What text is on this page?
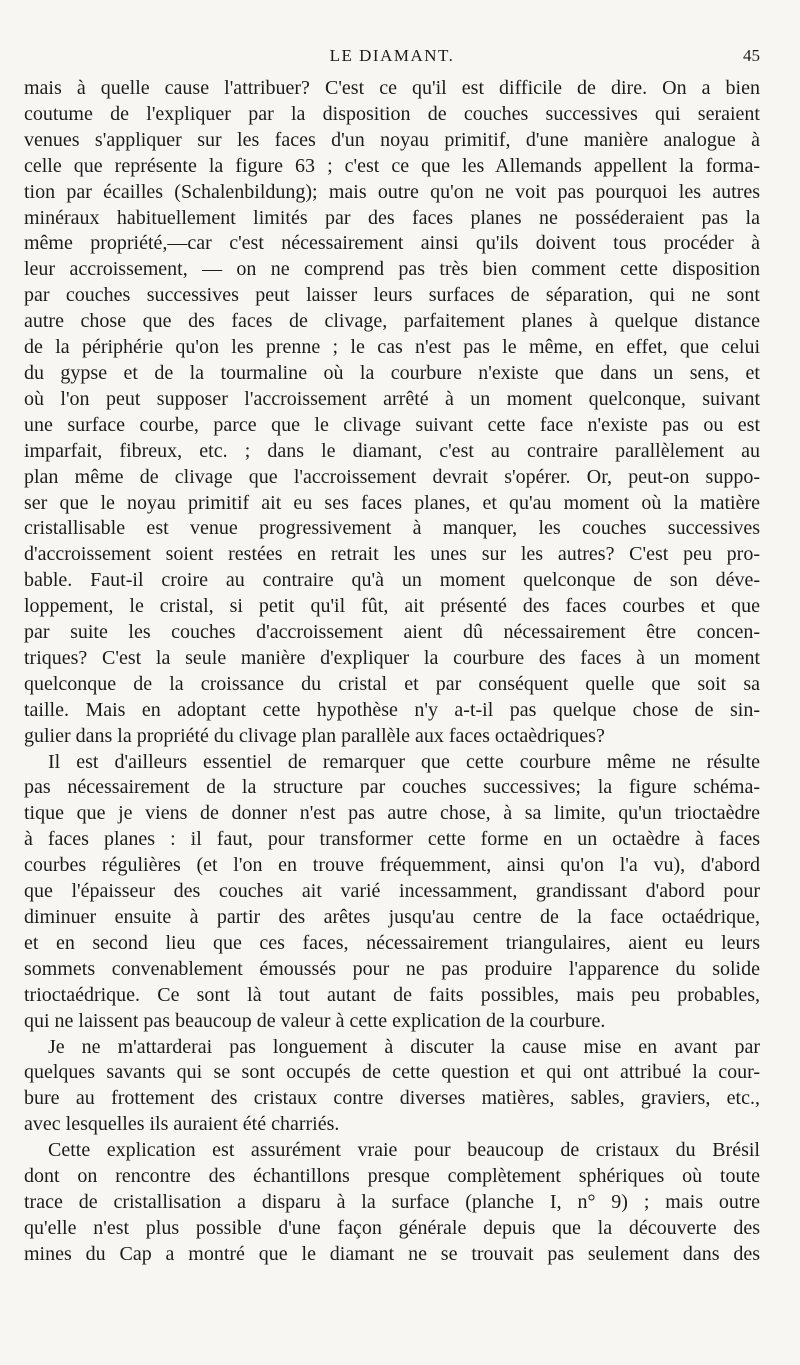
LE DIAMANT.	45
mais à quelle cause l'attribuer? C'est ce qu'il est difficile de dire. On a bien
coutume de l'expliquer par la disposition de couches successives qui seraient
venues s'appliquer sur les faces d'un noyau primitif, d'une manière analogue à
celle que représente la figure 63 ; c'est ce que les Allemands appellent la forma-
tion par écailles (Schalenbildung); mais outre qu'on ne voit pas pourquoi les autres
minéraux habituellement limités par des faces planes ne posséderaient pas la
même propriété,—car c'est nécessairement ainsi qu'ils doivent tous procéder à
leur accroissement, — on ne comprend pas très bien comment cette disposition
par couches successives peut laisser leurs surfaces de séparation, qui ne sont
autre chose que des faces de clivage, parfaitement planes à quelque distance
de la périphérie qu'on les prenne ; le cas n'est pas le même, en effet, que celui
du gypse et de la tourmaline où la courbure n'existe que dans un sens, et
où l'on peut supposer l'accroissement arrêté à un moment quelconque, suivant
une surface courbe, parce que le clivage suivant cette face n'existe pas ou est
imparfait, fibreux, etc. ; dans le diamant, c'est au contraire parallèlement au
plan même de clivage que l'accroissement devrait s'opérer. Or, peut-on suppo-
ser que le noyau primitif ait eu ses faces planes, et qu'au moment où la matière
cristallisable est venue progressivement à manquer, les couches successives
d'accroissement soient restées en retrait les unes sur les autres? C'est peu pro-
bable. Faut-il croire au contraire qu'à un moment quelconque de son déve-
loppement, le cristal, si petit qu'il fût, ait présenté des faces courbes et que
par suite les couches d'accroissement aient dû nécessairement être concen-
triques? C'est la seule manière d'expliquer la courbure des faces à un moment
quelconque de la croissance du cristal et par conséquent quelle que soit sa
taille. Mais en adoptant cette hypothèse n'y a-t-il pas quelque chose de sin-
gulier dans la propriété du clivage plan parallèle aux faces octaèdriques?
Il est d'ailleurs essentiel de remarquer que cette courbure même ne résulte
pas nécessairement de la structure par couches successives; la figure schéma-
tique que je viens de donner n'est pas autre chose, à sa limite, qu'un trioctaèdre
à faces planes : il faut, pour transformer cette forme en un octaèdre à faces
courbes régulières (et l'on en trouve fréquemment, ainsi qu'on l'a vu), d'abord
que l'épaisseur des couches ait varié incessamment, grandissant d'abord pour
diminuer ensuite à partir des arêtes jusqu'au centre de la face octaédrique,
et en second lieu que ces faces, nécessairement triangulaires, aient eu leurs
sommets convenablement émoussés pour ne pas produire l'apparence du solide
trioctaédrique. Ce sont là tout autant de faits possibles, mais peu probables,
qui ne laissent pas beaucoup de valeur à cette explication de la courbure.
Je ne m'attarderai pas longuement à discuter la cause mise en avant par
quelques savants qui se sont occupés de cette question et qui ont attribué la cour-
bure au frottement des cristaux contre diverses matières, sables, graviers, etc.,
avec lesquelles ils auraient été charriés.
Cette explication est assurément vraie pour beaucoup de cristaux du Brésil
dont on rencontre des échantillons presque complètement sphériques où toute
trace de cristallisation a disparu à la surface (planche I, n° 9) ; mais outre
qu'elle n'est plus possible d'une façon générale depuis que la découverte des
mines du Cap a montré que le diamant ne se trouvait pas seulement dans des
